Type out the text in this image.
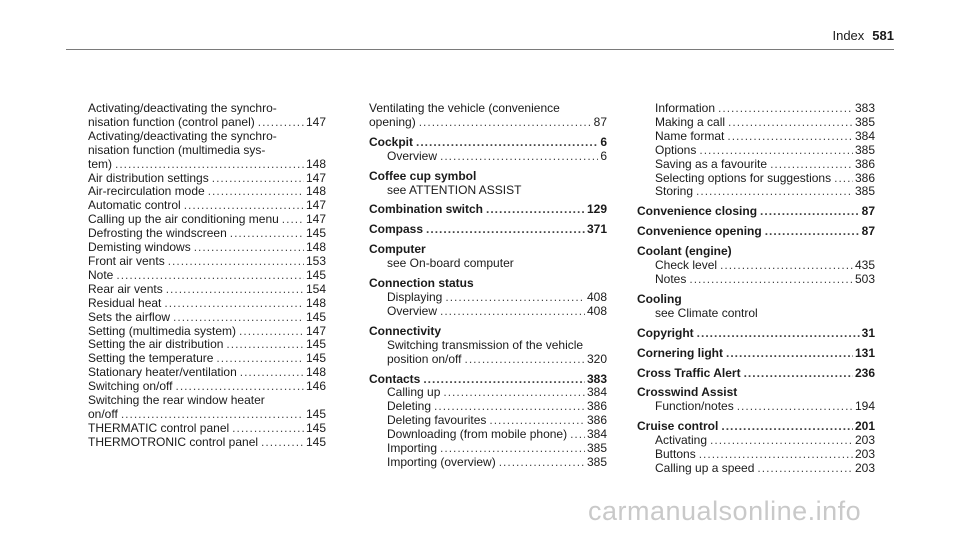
Index 581
Activating/deactivating the synchro-
nisation function (control panel) .....	147
Activating/deactivating the synchro-
nisation function (multimedia sys-
tem) .....	148
Air distribution settings .....	147
Air-recirculation mode .....	148
Automatic control .....	147
Calling up the air conditioning menu ..... 147
Defrosting the windscreen .....	145
Demisting windows .....	148
Front air vents .....	153
Note .....	145
Rear air vents .....	154
Residual heat .....	148
Sets the airflow .....	145
Setting (multimedia system) .....	147
Setting the air distribution .....	145
Setting the temperature .....	145
Stationary heater/ventilation .....	148
Switching on/off .....	146
Switching the rear window heater
on/off .....	145
THERMATIC control panel .....	145
THERMOTRONIC control panel .....	145
Ventilating the vehicle (convenience
opening) .....	87
Cockpit .....	6
Overview .....	6
Coffee cup symbol
see ATTENTION ASSIST
Combination switch .....	129
Compass .....	371
Computer
see On-board computer
Connection status
Displaying .....	408
Overview .....	408
Connectivity
Switching transmission of the vehicle
position on/off .....	320
Contacts .....	383
Calling up .....	384
Deleting .....	386
Deleting favourites .....	386
Downloading (from mobile phone) ..... 384
Importing .....	385
Importing (overview) .....	385
Information .....	383
Making a call .....	385
Name format .....	384
Options .....	385
Saving as a favourite .....	386
Selecting options for suggestions ..... 386
Storing .....	385
Convenience closing .....	87
Convenience opening .....	87
Coolant (engine)
Check level .....	435
Notes .....	503
Cooling
see Climate control
Copyright .....	31
Cornering light .....	131
Cross Traffic Alert .....	236
Crosswind Assist
Function/notes .....	194
Cruise control .....	201
Activating .....	203
Buttons .....	203
Calling up a speed .....	203
carmanualsonline.info
